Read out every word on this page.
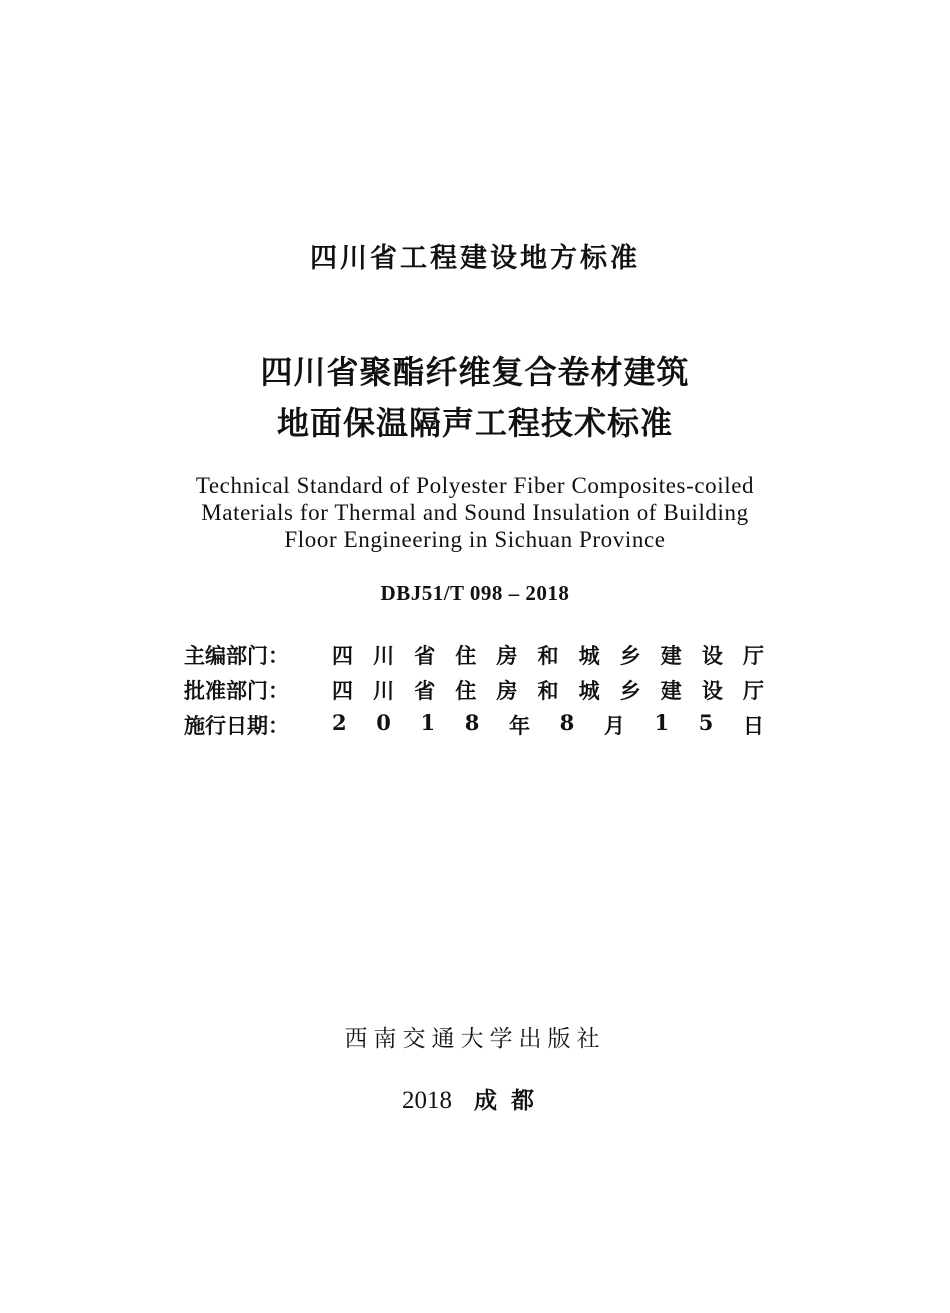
四川省工程建设地方标准
四川省聚酯纤维复合卷材建筑
地面保温隔声工程技术标准
Technical Standard of Polyester Fiber Composites-coiled
Materials for Thermal and Sound Insulation of Building
Floor Engineering in Sichuan Province
DBJ51/T 098 – 2018
主编部门：	四 川 省 住 房 和 城 乡 建 设 厅
批准部门：	四 川 省 住 房 和 城 乡 建 设 厅
施行日期：	2 0 1 8 年 8 月 1 5 日
西南交通大学出版社
2018 成都
